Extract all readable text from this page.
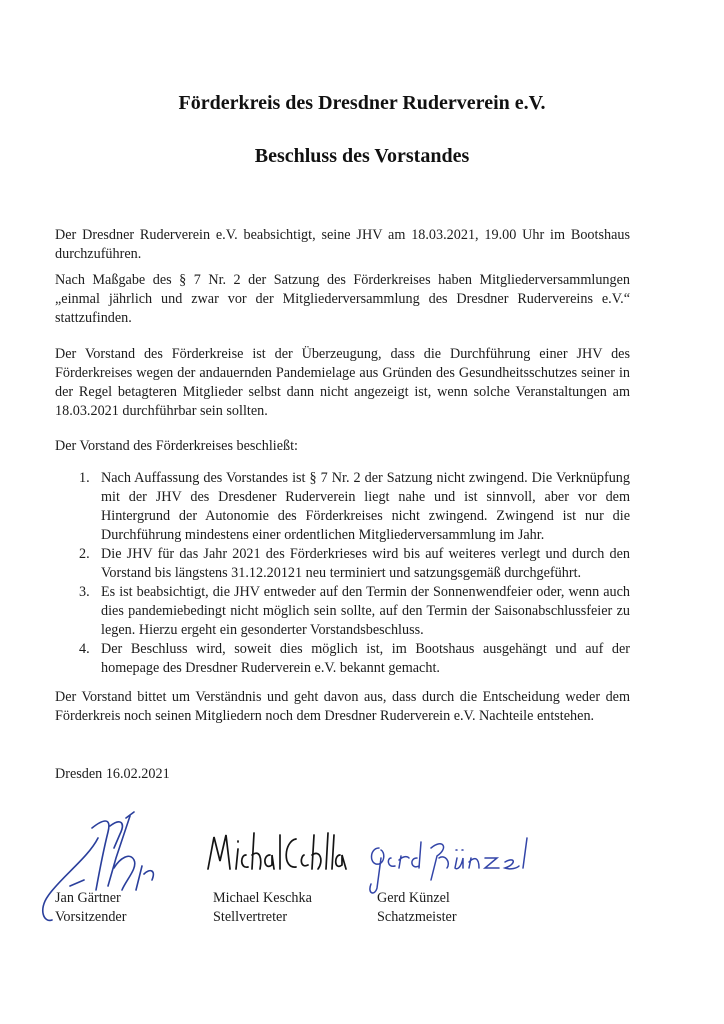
Förderkreis des Dresdner Ruderverein e.V.
Beschluss des Vorstandes
Der Dresdner Ruderverein e.V. beabsichtigt, seine JHV am 18.03.2021, 19.00 Uhr im Bootshaus durchzuführen.
Nach Maßgabe des § 7 Nr. 2 der Satzung des Förderkreises haben Mitgliederversammlungen „einmal jährlich und zwar vor der Mitgliederversammlung des Dresdner Rudervereins e.V.“ stattzufinden.
Der Vorstand des Förderkreise ist der Überzeugung, dass die Durchführung einer JHV des Förderkreises wegen der andauernden Pandemielage aus Gründen des Gesundheitsschutzes seiner in der Regel betagteren Mitglieder selbst dann nicht angezeigt ist, wenn solche Veranstaltungen am 18.03.2021 durchführbar sein sollten.
Der Vorstand des Förderkreises beschließt:
1. Nach Auffassung des Vorstandes ist § 7 Nr. 2 der Satzung nicht zwingend. Die Verknüpfung mit der JHV des Dresdener Ruderverein liegt nahe und ist sinnvoll, aber vor dem Hintergrund der Autonomie des Förderkreises nicht zwingend. Zwingend ist nur die Durchführung mindestens einer ordentlichen Mitgliederversammlung im Jahr.
2. Die JHV für das Jahr 2021 des Förderkrieses wird bis auf weiteres verlegt und durch den Vorstand bis längstens 31.12.20121 neu terminiert und satzungsgemäß durchgeführt.
3. Es ist beabsichtigt, die JHV entweder auf den Termin der Sonnenwendfeier oder, wenn auch dies pandemiebedingt nicht möglich sein sollte, auf den Termin der Saisonabschlussfeier zu legen. Hierzu ergeht ein gesonderter Vorstandsbeschluss.
4. Der Beschluss wird, soweit dies möglich ist, im Bootshaus ausgehängt und auf der homepage des Dresdner Ruderverein e.V. bekannt gemacht.
Der Vorstand bittet um Verständnis und geht davon aus, dass durch die Entscheidung weder dem Förderkreis noch seinen Mitgliedern noch dem Dresdner Ruderverein e.V. Nachteile entstehen.
Dresden 16.02.2021
Jan Gärtner
Vorsitzender
Michael Keschka
Stellvertreter
Gerd Künzel
Schatzmeister
